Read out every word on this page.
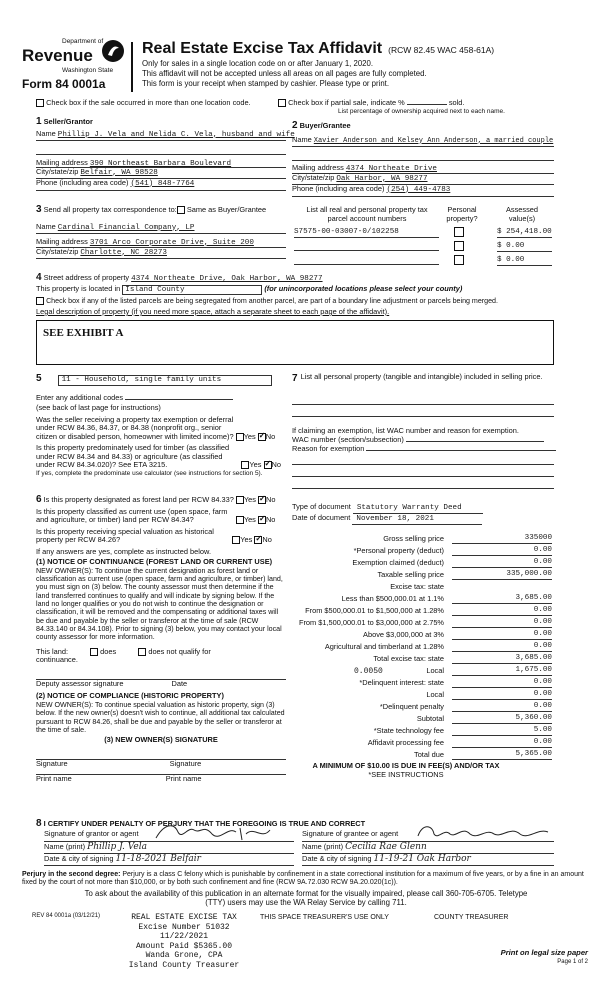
Department of
Revenue
Washington State
Form 84 0001a
Real Estate Excise Tax Affidavit (RCW 82.45 WAC 458-61A)
Only for sales in a single location code on or after January 1, 2020.
This affidavit will not be accepted unless all areas on all pages are fully completed.
This form is your receipt when stamped by cashier. Please type or print.
Check box if the sale occurred in more than one location code.	Check box if partial sale, indicate %	sold.
List percentage of ownership acquired next to each name.
1 Seller/Grantor
Name Phillip J. Vela and Nelida C. Vela, husband and wife
Mailing address 390 Northeast Barbara Boulevard
City/state/zip Belfair, WA 98528
Phone (including area code) (541) 848-7764
2 Buyer/Grantee
Name Xavier Anderson and Kelsey Ann Anderson, a married couple
Mailing address 4374 Northeate Drive
City/state/zip Oak Harbor, WA 98277
Phone (including area code) (254) 449-4783
3 Send all property tax correspondence to: Same as Buyer/Grantee
Name Cardinal Financial Company, LP
Mailing address 3701 Arco Corporate Drive, Suite 200
City/state/zip Charlotte, NC 28273
List all real and personal property tax
parcel account numbers
Personal
property?
Assessed
value(s)
S7575-00-03007-0/102258	$ 254,418.00
$ 0.00
$ 0.00
4 Street address of property 4374 Northeate Drive, Oak Harbor, WA 98277
This property is located in Island County	(for unincorporated locations please select your county)
Check box if any of the listed parcels are being segregated from another parcel, are part of a boundary line adjustment or parcels being merged.
Legal description of property (if you need more space, attach a separate sheet to each page of the affidavit).
SEE EXHIBIT A
5	11 - Household, single family units
Enter any additional codes
(see back of last page for instructions)
Was the seller receiving a property tax exemption or deferral
under RCW 84.36, 84.37, or 84.38 (nonprofit org., senior
citizen or disabled person, homeowner with limited income)? Yes ✓ No
Is this property predominately used for timber (as classified
under RCW 84.34 and 84.33) or agriculture (as classified
under RCW 84.34.020)? See ETA 3215.	Yes ✓ No
If yes, complete the predominate use calculator (see instructions for section 5).
6 Is this property designated as forest land per RCW 84.33? Yes ✓ No
Is this property classified as current use (open space, farm
and agriculture, or timber) land per RCW 84.34?	Yes ✓ No
Is this property receiving special valuation as historical
property per RCW 84.26?	Yes ✓ No
If any answers are yes, complete as instructed below.
(1) NOTICE OF CONTINUANCE (FOREST LAND OR CURRENT USE)
NEW OWNER(S): To continue the current designation as forest land or classification as current use (open space, farm and agriculture, or timber) land, you must sign on (3) below. The county assessor must then determine if the land transferred continues to qualify and will indicate by signing below. If the land no longer qualifies or you do not wish to continue the designation or classification, it will be removed and the compensating or additional taxes will be due and payable by the seller or transferor at the time of sale (RCW 84.33.140 or 84.34.108). Prior to signing (3) below, you may contact your local county assessor for more information.
This land:	does	does not qualify for
continuance.
Deputy assessor signature	Date
(2) NOTICE OF COMPLIANCE (HISTORIC PROPERTY)
NEW OWNER(S): To continue special valuation as historic property, sign (3) below. If the new owner(s) doesn't wish to continue, all additional tax calculated pursuant to RCW 84.26, shall be due and payable by the seller or transferor at the time of sale.
(3) NEW OWNER(S) SIGNATURE
Signature	Signature
Print name	Print name
7 List all personal property (tangible and intangible) included in selling price.
If claiming an exemption, list WAC number and reason for exemption.
WAC number (section/subsection)
Reason for exemption
Type of document Statutory Warranty Deed
Date of document November 18, 2021
Gross selling price	335000
*Personal property (deduct)	0.00
Exemption claimed (deduct)	0.00
Taxable selling price	335,000.00
Excise tax: state
Less than $500,000.01 at 1.1%	3,685.00
From $500,000.01 to $1,500,000 at 1.28%	0.00
From $1,500,000.01 to $3,000,000 at 2.75%	0.00
Above $3,000,000 at 3%	0.00
Agricultural and timberland at 1.28%	0.00
Total excise tax: state	3,685.00
0.0050	Local	1,675.00
*Delinquent interest: state	0.00
Local	0.00
*Delinquent penalty	0.00
Subtotal	5,360.00
*State technology fee	5.00
Affidavit processing fee	0.00
Total due	5,365.00
A MINIMUM OF $10.00 IS DUE IN FEE(S) AND/OR TAX
*SEE INSTRUCTIONS
8 I CERTIFY UNDER PENALTY OF PERJURY THAT THE FOREGOING IS TRUE AND CORRECT
Signature of grantor or agent
Name (print) Phillip J. Vela
Date & city of signing 11-18-2021 Belfair
Signature of grantee or agent
Name (print) Cecilia Rae Glenn
Date & city of signing 11-19-21 Oak Harbor
Perjury in the second degree: Perjury is a class C felony which is punishable by confinement in a state correctional institution for a maximum of five years, or by a fine in an amount fixed by the court of not more than $10,000, or by both such confinement and fine (RCW 9A.72.030 RCW 9A.20.020(1c)).
To ask about the availability of this publication in an alternate format for the visually impaired, please call 360-705-6705. Teletype
(TTY) users may use the WA Relay Service by calling 711.
REV 84 0001a (03/12/21)	THIS SPACE TREASURER'S USE ONLY	COUNTY TREASURER
REAL ESTATE EXCISE TAX
Excise Number 51032
11/22/2021
Amount Paid $5365.00
Wanda Grone, CPA
Island County Treasurer
Print on legal size paper
Page 1 of 2
